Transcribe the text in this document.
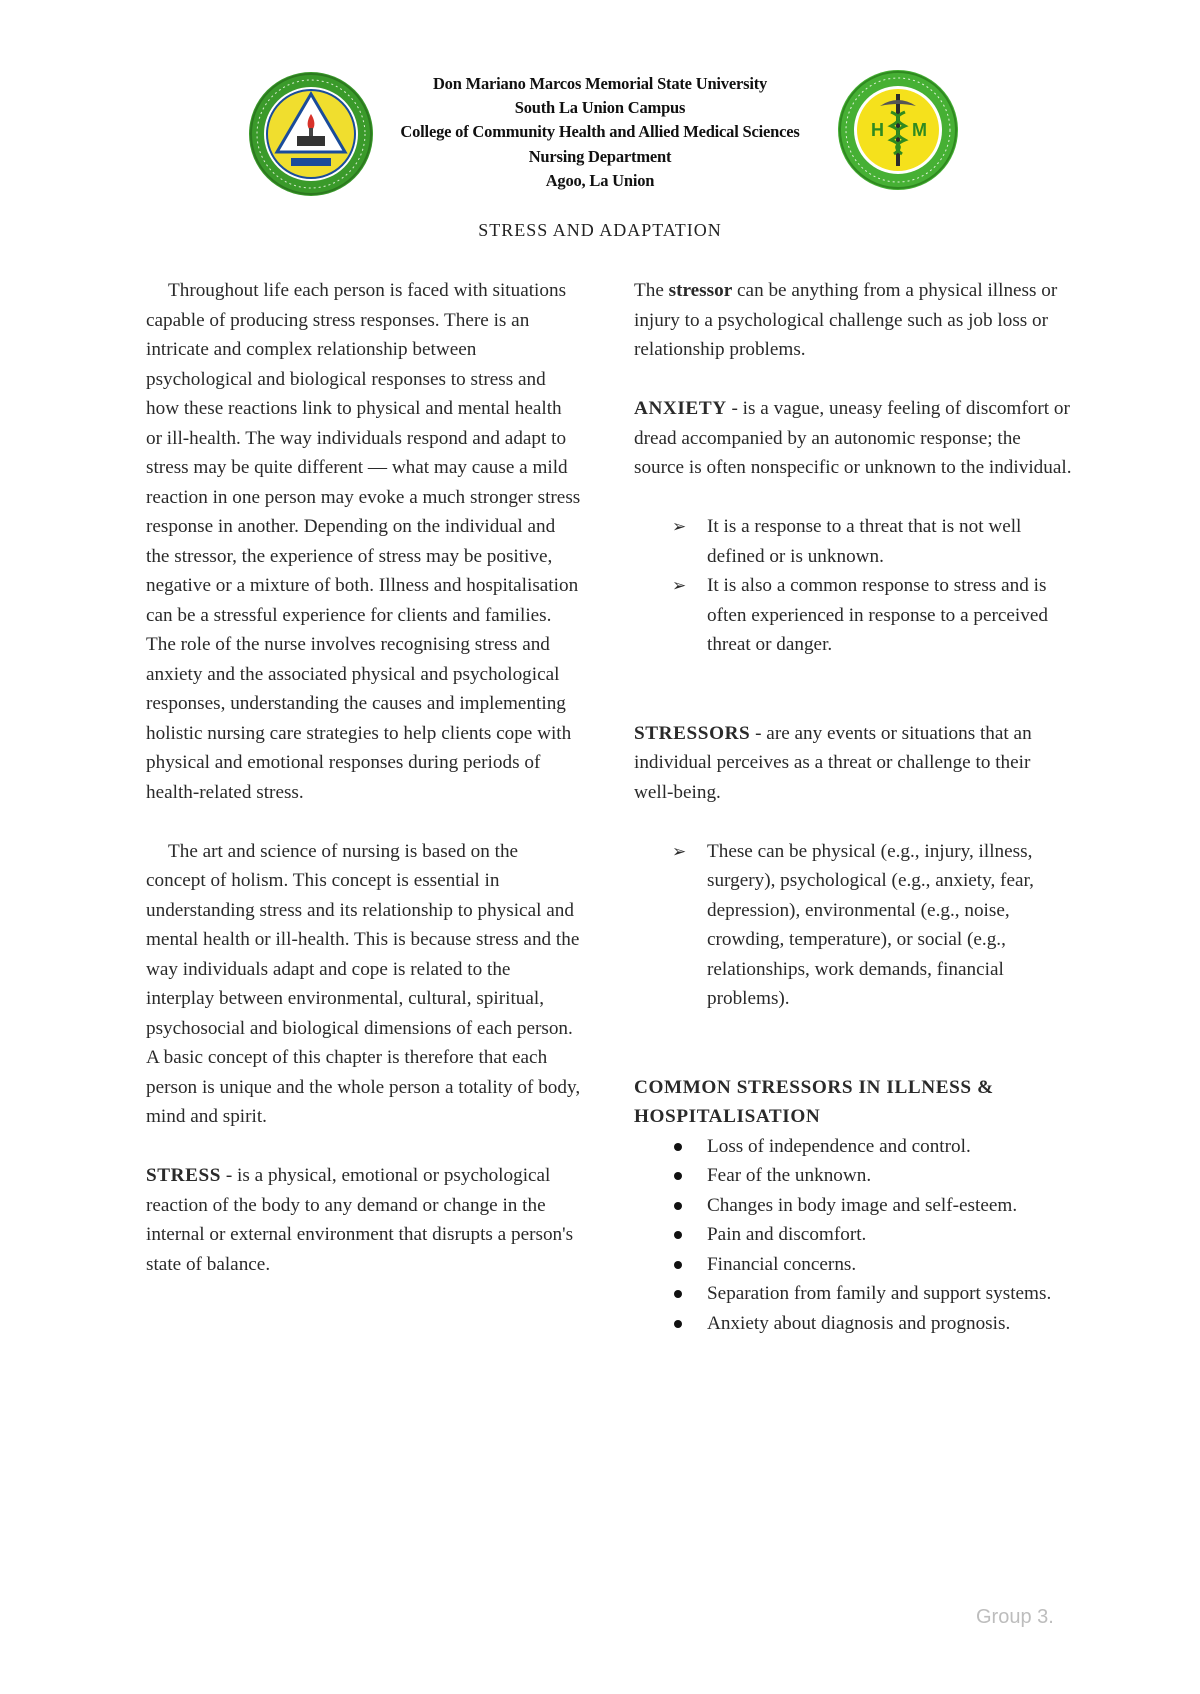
Don Mariano Marcos Memorial State University
South La Union Campus
College of Community Health and Allied Medical Sciences
Nursing Department
Agoo, La Union
H M
STRESS AND ADAPTATION

Throughout life each person is faced with situations capable of producing stress responses. There is an intricate and complex relationship between psychological and biological responses to stress and how these reactions link to physical and mental health or ill-health. The way individuals respond and adapt to stress may be quite different — what may cause a mild reaction in one person may evoke a much stronger stress response in another. Depending on the individual and the stressor, the experience of stress may be positive, negative or a mixture of both. Illness and hospitalisation can be a stressful experience for clients and families. The role of the nurse involves recognising stress and anxiety and the associated physical and psychological responses, understanding the causes and implementing holistic nursing care strategies to help clients cope with physical and emotional responses during periods of health-related stress.

The art and science of nursing is based on the concept of holism. This concept is essential in understanding stress and its relationship to physical and mental health or ill-health. This is because stress and the way individuals adapt and cope is related to the interplay between environmental, cultural, spiritual, psychosocial and biological dimensions of each person. A basic concept of this chapter is therefore that each person is unique and the whole person a totality of body, mind and spirit.

STRESS - is a physical, emotional or psychological reaction of the body to any demand or change in the internal or external environment that disrupts a person's state of balance.

The stressor can be anything from a physical illness or injury to a psychological challenge such as job loss or relationship problems.

ANXIETY - is a vague, uneasy feeling of discomfort or dread accompanied by an autonomic response; the source is often nonspecific or unknown to the individual.

➢ It is a response to a threat that is not well defined or is unknown.
➢ It is also a common response to stress and is often experienced in response to a perceived threat or danger.

STRESSORS - are any events or situations that an individual perceives as a threat or challenge to their well-being.

➢ These can be physical (e.g., injury, illness, surgery), psychological (e.g., anxiety, fear, depression), environmental (e.g., noise, crowding, temperature), or social (e.g., relationships, work demands, financial problems).

COMMON STRESSORS IN ILLNESS & HOSPITALISATION

Loss of independence and control.
Fear of the unknown.
Changes in body image and self-esteem.
Pain and discomfort.
Financial concerns.
Separation from family and support systems.
Anxiety about diagnosis and prognosis.
Group 3.
